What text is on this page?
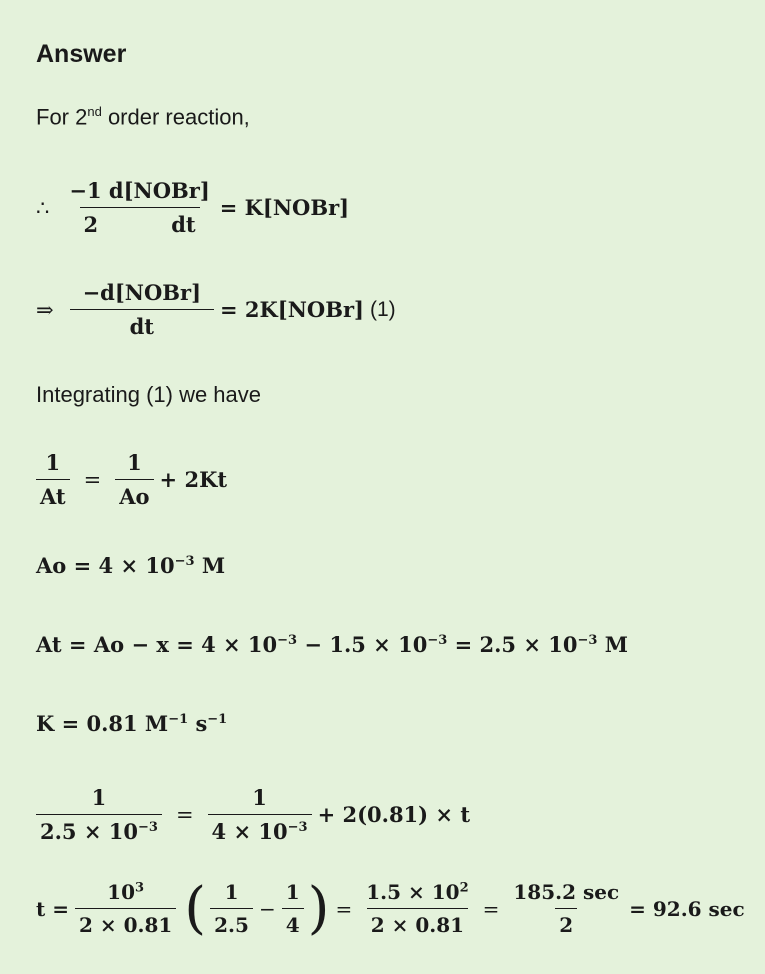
Answer
For 2nd order reaction,
∴ $\frac{\text{−1 d[NOBr]}}{2 dt}$ = K[NOBr]
⇒ $\frac{\text{−d[NOBr]}}{dt}$ = 2K[NOBr] (1)
Integrating (1) we have
$\frac{1}{At} = \frac{1}{Ao} + 2Kt$
$Ao = 4 \times 10^{-3}$ M
$At = Ao - x = 4 \times 10^{-3} - 1.5 \times 10^{-3} = 2.5 \times 10^{-3}$ M
K = 0.81 $M^{-1}$ $s^{-1}$
$\frac{1}{2.5 \times 10^{-3}} = \frac{1}{4 \times 10^{-3}} + 2(0.81) \times t$
$t = \frac{10^3}{2 \times 0.81}$ ( $\frac{1}{2.5} - \frac{1}{4}$ ) = $\frac{1.5 \times 10^2}{2 \times 0.81} = \frac{185.2 \sec}{2} = 92.6$ sec
